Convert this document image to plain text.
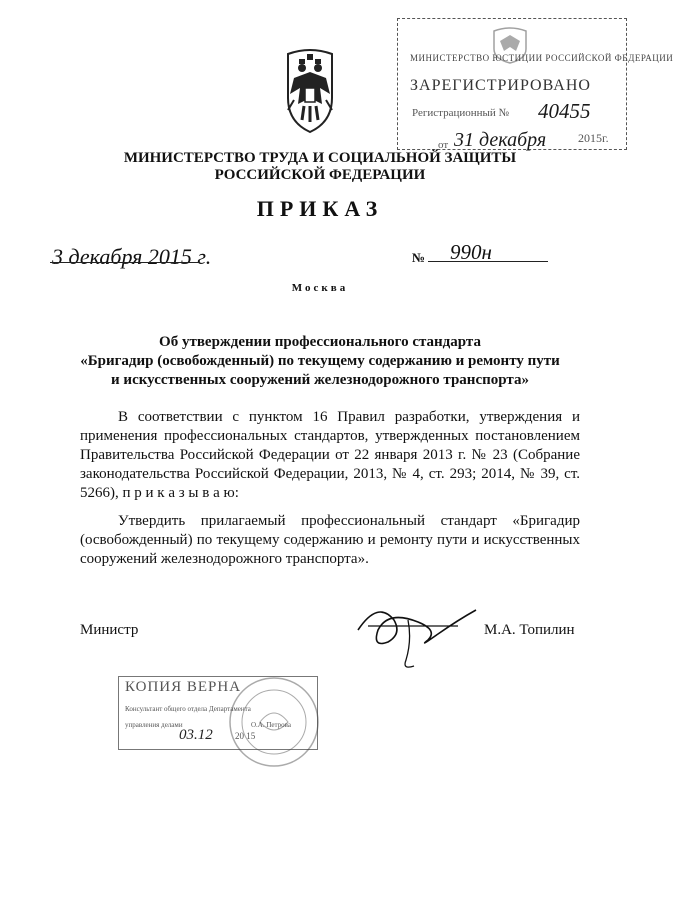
МИНИСТЕРСТВО ЮСТИЦИИ РОССИЙСКОЙ ФЕДЕРАЦИИ
ЗАРЕГИСТРИРОВАНО
Регистрационный № 40455
от 31 декабря	2015г.
МИНИСТЕРСТВО ТРУДА И СОЦИАЛЬНОЙ ЗАЩИТЫ
РОССИЙСКОЙ ФЕДЕРАЦИИ
ПРИКАЗ
3 декабря 2015 г.	№ 990н
Москва
Об утверждении профессионального стандарта
«Бригадир (освобожденный) по текущему содержанию и ремонту пути
и искусственных сооружений железнодорожного транспорта»
В соответствии с пунктом 16 Правил разработки, утверждения и применения профессиональных стандартов, утвержденных постановлением Правительства Российской Федерации от 22 января 2013 г. № 23 (Собрание законодательства Российской Федерации, 2013, № 4, ст. 293; 2014, № 39, ст. 5266), п р и к а з ы в а ю:
Утвердить прилагаемый профессиональный стандарт «Бригадир (освобожденный) по текущему содержанию и ремонту пути и искусственных сооружений железнодорожного транспорта».
Министр	М.А. Топилин
КОПИЯ ВЕРНА
Консультант общего отдела Департамента
управления делами
03.12 20 15
О.А. Петрова
